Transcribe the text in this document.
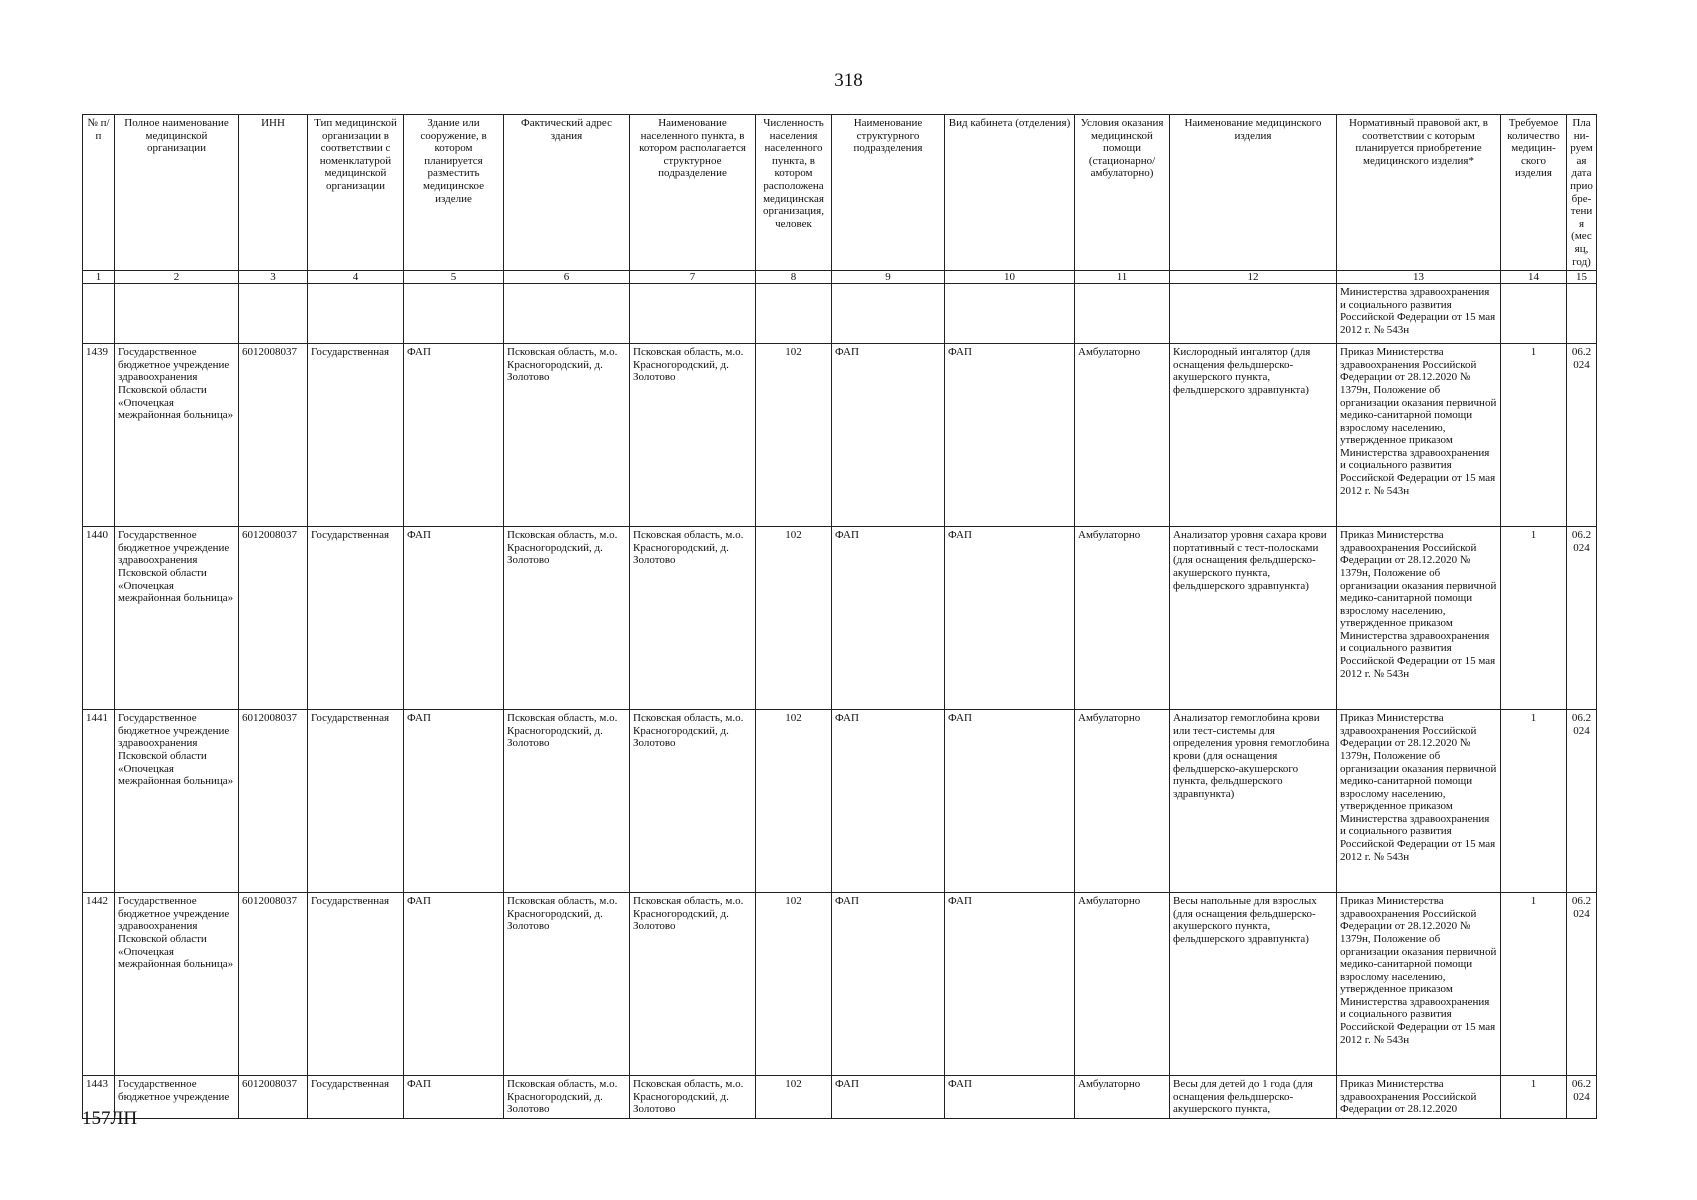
318
№ п/п	Полное наименование медицинской организации	ИНН	Тип медицинской организации в соответствии с номенклатурой медицинской организации	Здание или сооружение, в котором планируется разместить медицинское изделие	Фактический адрес здания	Наименование населенного пункта, в котором располагается структурное подразделение	Численность населения населенного пункта, в котором расположена медицинская организация, человек	Наименование структурного подразделения	Вид кабинета (отделения)	Условия оказания медицинской помощи (стационарно/ амбулаторно)	Наименование медицинского изделия	Нормативный правовой акт, в соответствии с которым планируется приобретение медицинского изделия*	Требуемое количество медицин-ского изделия	Плани-руемая дата приобре-тения (месяц, год)
1	2	3	4	5	6	7	8	9	10	11	12	13	14	15
												Министерства здравоохранения и социального развития Российской Федерации от 15 мая 2012 г. № 543н		
1439	Государственное бюджетное учреждение здравоохранения Псковской области «Опочецкая межрайонная больница»	6012008037	Государственная	ФАП	Псковская область, м.о. Красногородский, д. Золотово	Псковская область, м.о. Красногородский, д. Золотово	102	ФАП	ФАП	Амбулаторно	Кислородный ингалятор (для оснащения фельдшерско-акушерского пункта, фельдшерского здравпункта)	Приказ Министерства здравоохранения Российской Федерации от 28.12.2020 № 1379н, Положение об организации оказания первичной медико-санитарной помощи взрослому населению, утвержденное приказом Министерства здравоохранения и социального развития Российской Федерации от 15 мая 2012 г. № 543н	1	06.2024
1440	Государственное бюджетное учреждение здравоохранения Псковской области «Опочецкая межрайонная больница»	6012008037	Государственная	ФАП	Псковская область, м.о. Красногородский, д. Золотово	Псковская область, м.о. Красногородский, д. Золотово	102	ФАП	ФАП	Амбулаторно	Анализатор уровня сахара крови портативный с тест-полосками (для оснащения фельдшерско-акушерского пункта, фельдшерского здравпункта)	Приказ Министерства здравоохранения Российской Федерации от 28.12.2020 № 1379н, Положение об организации оказания первичной медико-санитарной помощи взрослому населению, утвержденное приказом Министерства здравоохранения и социального развития Российской Федерации от 15 мая 2012 г. № 543н	1	06.2024
1441	Государственное бюджетное учреждение здравоохранения Псковской области «Опочецкая межрайонная больница»	6012008037	Государственная	ФАП	Псковская область, м.о. Красногородский, д. Золотово	Псковская область, м.о. Красногородский, д. Золотово	102	ФАП	ФАП	Амбулаторно	Анализатор гемоглобина крови или тест-системы для определения уровня гемоглобина крови (для оснащения фельдшерско-акушерского пункта, фельдшерского здравпункта)	Приказ Министерства здравоохранения Российской Федерации от 28.12.2020 № 1379н, Положение об организации оказания первичной медико-санитарной помощи взрослому населению, утвержденное приказом Министерства здравоохранения и социального развития Российской Федерации от 15 мая 2012 г. № 543н	1	06.2024
1442	Государственное бюджетное учреждение здравоохранения Псковской области «Опочецкая межрайонная больница»	6012008037	Государственная	ФАП	Псковская область, м.о. Красногородский, д. Золотово	Псковская область, м.о. Красногородский, д. Золотово	102	ФАП	ФАП	Амбулаторно	Весы напольные для взрослых (для оснащения фельдшерско-акушерского пункта, фельдшерского здравпункта)	Приказ Министерства здравоохранения Российской Федерации от 28.12.2020 № 1379н, Положение об организации оказания первичной медико-санитарной помощи взрослому населению, утвержденное приказом Министерства здравоохранения и социального развития Российской Федерации от 15 мая 2012 г. № 543н	1	06.2024
1443	Государственное бюджетное учреждение	6012008037	Государственная	ФАП	Псковская область, м.о. Красногородский, д. Золотово	Псковская область, м.о. Красногородский, д. Золотово	102	ФАП	ФАП	Амбулаторно	Весы для детей до 1 года (для оснащения фельдшерско-акушерского пункта,	Приказ Министерства здравоохранения Российской Федерации от 28.12.2020	1	06.2024
157ЛП
